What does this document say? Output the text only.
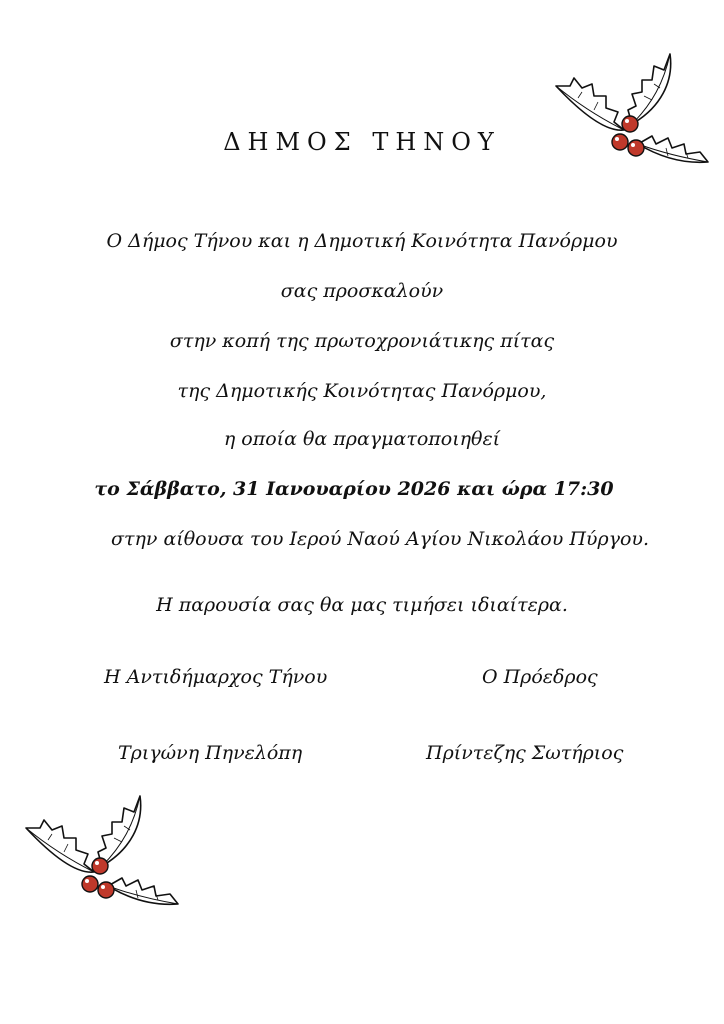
ΔΗΜΟΣ ΤΗΝΟΥ

Ο Δήμος Τήνου και η Δημοτική Κοινότητα Πανόρμου

σας προσκαλούν

στην κοπή της πρωτοχρονιάτικης πίτας

της Δημοτικής Κοινότητας Πανόρμου,

η οποία θα πραγματοποιηθεί

το Σάββατο, 31 Ιανουαρίου 2026 και ώρα 17:30

στην αίθουσα του Ιερού Ναού Αγίου Νικολάου Πύργου.

Η παρουσία σας θα μας τιμήσει ιδιαίτερα.

Η Αντιδήμαρχος Τήνου	Ο Πρόεδρος

Τριγώνη Πηνελόπη	Πρίντεζης Σωτήριος
